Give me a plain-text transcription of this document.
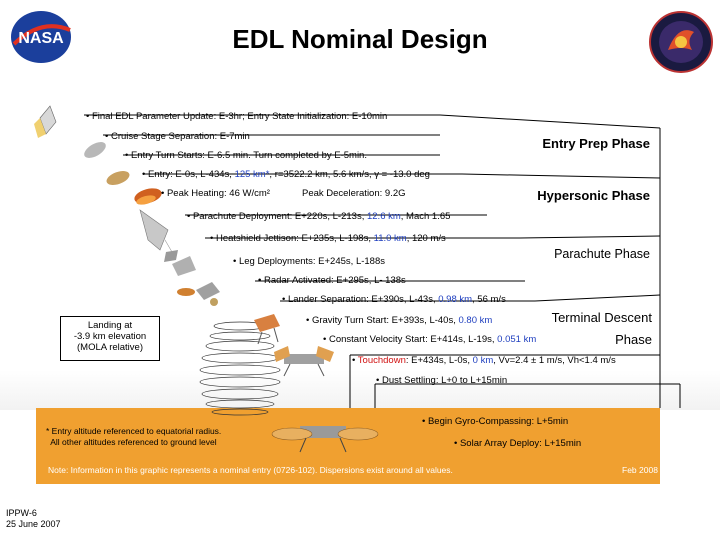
EDL Nominal Design
NASA
• Final EDL Parameter Update: E-3hr; Entry State Initialization: E-10min
• Cruise Stage Separation: E-7min
• Entry Turn Starts: E-6.5 min. Turn completed by E-5min.
• Entry: E-0s, L-434s, 125 km*, r=3522.2 km, 5.6 km/s, γ = -13.0 deg
• Peak Heating: 46 W/cm²	Peak Deceleration: 9.2G
• Parachute Deployment: E+220s, L-213s, 12.6 km, Mach 1.65
• Heatshield Jettison: E+235s, L-198s, 11.0 km, 120 m/s
• Leg Deployments: E+245s, L-188s
• Radar Activated: E+295s, L- 138s
• Lander Separation: E+390s, L-43s, 0.98 km, 56 m/s
• Gravity Turn Start: E+393s, L-40s, 0.80 km
• Constant Velocity Start: E+414s, L-19s, 0.051 km
• Touchdown: E+434s, L-0s, 0 km, Vv=2.4 ± 1 m/s, Vh<1.4 m/s
• Dust Settling: L+0 to L+15min
• Begin Gyro-Compassing: L+5min
• Solar Array Deploy: L+15min
Entry Prep Phase
Hypersonic Phase
Parachute Phase
Terminal Descent
Phase
Landing at
-3.9 km elevation
(MOLA relative)
* Entry altitude referenced to equatorial radius.
All other altitudes referenced to ground level
Note: Information in this graphic represents a nominal entry (0726-102). Dispersions exist around all values.	Feb 2008
IPPW-6
25 June 2007
